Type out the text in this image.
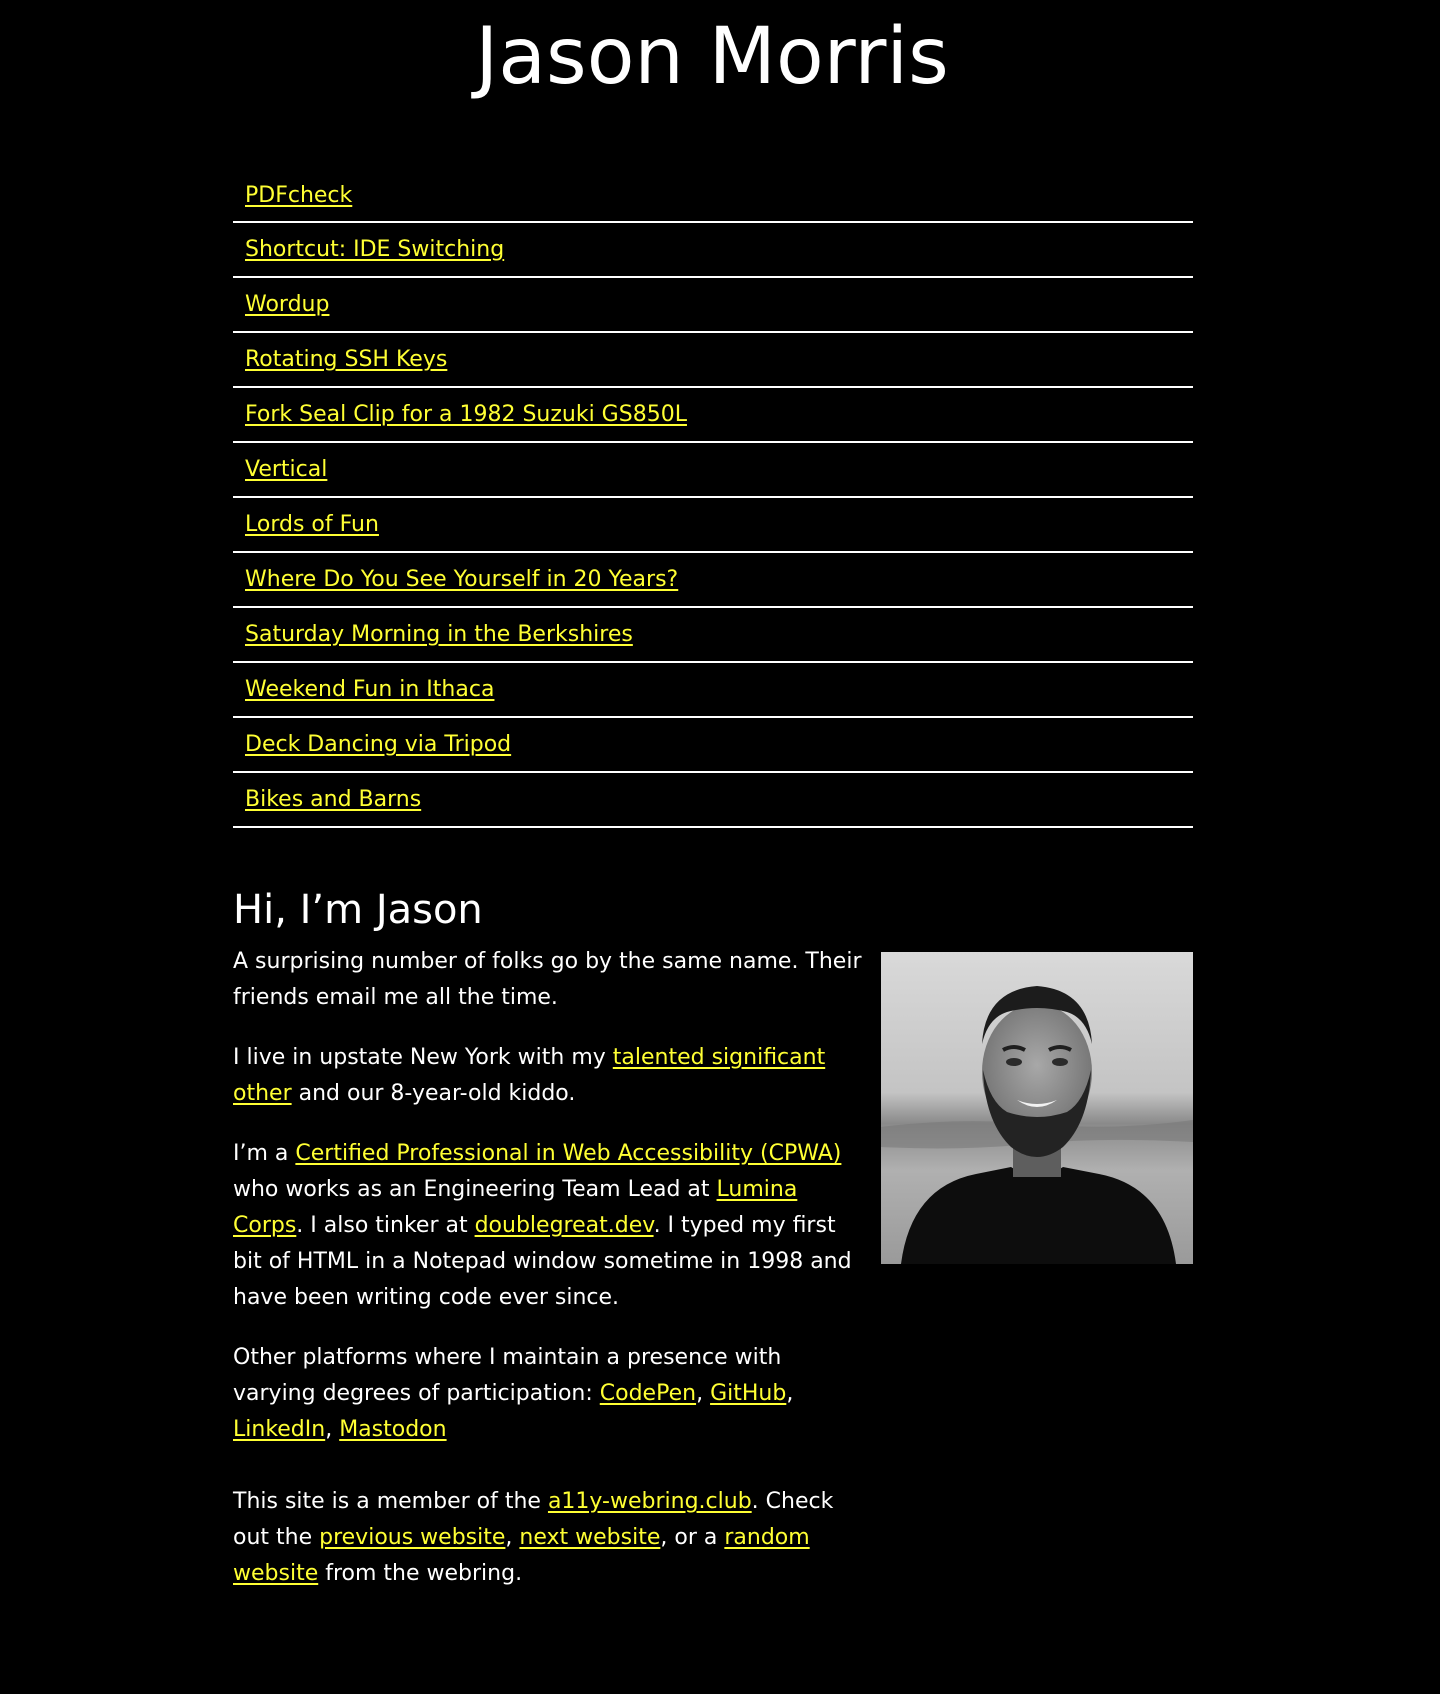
Jason Morris
PDFcheck
Shortcut: IDE Switching
Wordup
Rotating SSH Keys
Fork Seal Clip for a 1982 Suzuki GS850L
Vertical
Lords of Fun
Where Do You See Yourself in 20 Years?
Saturday Morning in the Berkshires
Weekend Fun in Ithaca
Deck Dancing via Tripod
Bikes and Barns
Hi, I’m Jason

A surprising number of folks go by the same name. Their friends email me all the time.

I live in upstate New York with my talented significant other and our 8-year-old kiddo.

I’m a Certified Professional in Web Accessibility (CPWA) who works as an Engineering Team Lead at Lumina Corps. I also tinker at doublegreat.dev. I typed my first bit of HTML in a Notepad window sometime in 1998 and have been writing code ever since.

Other platforms where I maintain a presence with varying degrees of participation: CodePen, GitHub, LinkedIn, Mastodon

This site is a member of the a11y-webring.club. Check out the previous website, next website, or a random website from the webring.
